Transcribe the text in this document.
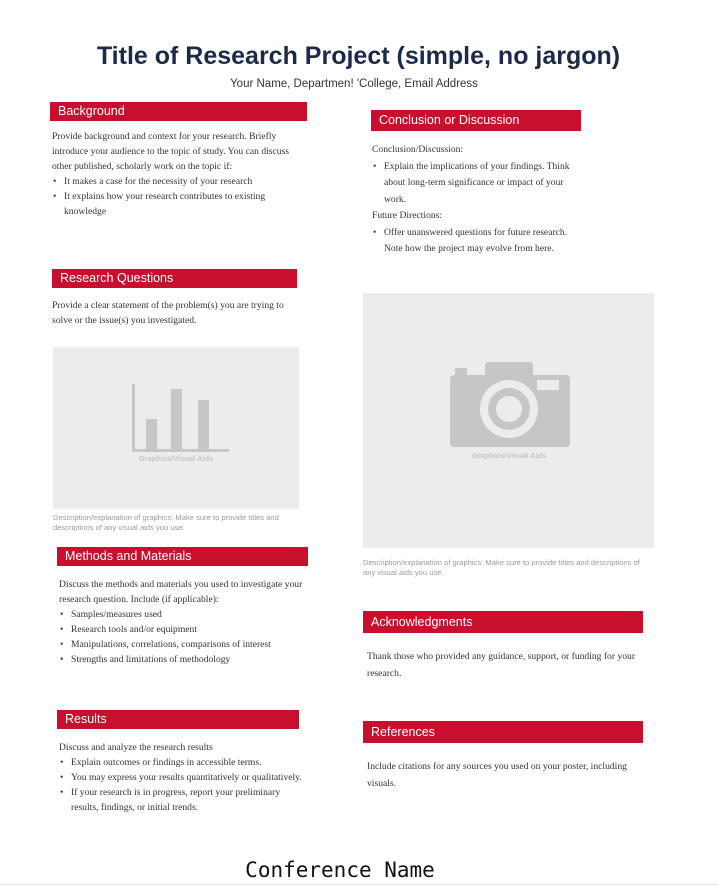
Title of Research Project (simple, no jargon)
Your Name, Departmen! 'College, Email Address
Background

Provide background and context for your research. Briefly introduce your audience to the topic of study. You can discuss other published, scholarly work on the topic if:

• It makes a case for the necessity of your research
• It explains how your research contributes to existing knowledge
Research Questions

Provide a clear statement of the problem(s) you are trying to solve or the issue(s) you investigated.

Graphics/Visual Aids
Description/explanation of graphics: Make sure to provide titles and descriptions of any visual aids you use.
Methods and Materials

Discuss the methods and materials you used to investigate your research question. Include (if applicable):

• Samples/measures used
• Research tools and/or equipment
• Manipulations, correlations, comparisons of interest
• Strengths and limitations of methodology
Results

Discuss and analyze the research results

• Explain outcomes or findings in accessible terms.
• You may express your results quantitatively or qualitatively.
• If your research is in progress, report your preliminary results, findings, or initial trends.
Conclusion or Discussion

Conclusion/Discussion:

• Explain the implications of your findings. Think about long-term significance or impact of your work.

Future Directions:

• Offer unanswered questions for future research. Note how the project may evolve from here.
Graphics/Visual Aids
Description/explanation of graphics: Make sure to provide titles and descriptions of any visual aids you use.
Acknowledgments

Thank those who provided any guidance, support, or funding for your research.

References

Include citations for any sources you used on your poster, including visuals.

Conference Name
